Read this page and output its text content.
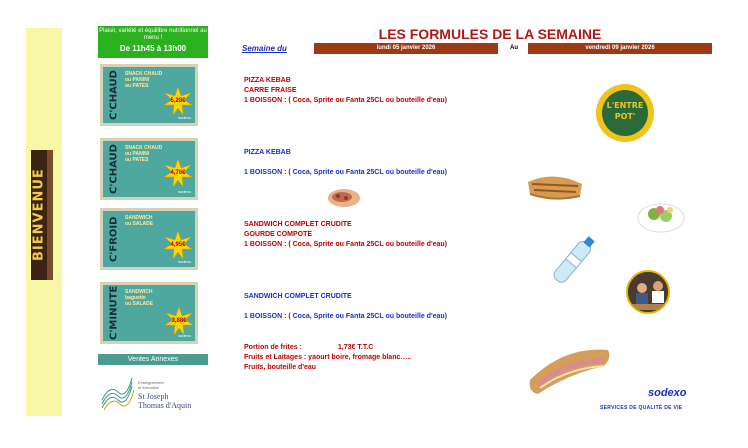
BIENVENUE
Plaisir, variété et équilibre nutritionnel au menu !
De 11h45 à 13h00
C'CHAUD	SNACK CHAUD
ou PANINI
ou PATES
5,28€
sodexo
C'CHAUD	SNACK CHAUD
ou PANINI
ou PATES
4,76€
sodexo
C'FROID	SANDWICH
ou SALADE
4,95€
sodexo
C'MINUTE	SANDWICH
baguette
ou SALADE
3,88€
sodexo
Ventes Annexes
Enseignement
et formation
St Joseph
Thomas d'Aquin
LES FORMULES DE LA SEMAINE
Semaine du	lundi 05 janvier 2026	Au	vendredi 09 janvier 2026
PIZZA KEBAB
CARRE FRAISE
1 BOISSON : ( Coca, Sprite ou Fanta 25CL ou bouteille d'eau)
PIZZA KEBAB
1 BOISSON : ( Coca, Sprite ou Fanta 25CL ou bouteille d'eau)
SANDWICH COMPLET CRUDITE
GOURDE COMPOTE
1 BOISSON : ( Coca, Sprite ou Fanta 25CL ou bouteille d'eau)
SANDWICH COMPLET CRUDITE
1 BOISSON : ( Coca, Sprite ou Fanta 25CL ou bouteille d'eau)
Portion de frites :	1,73€ T.T.C
Fruits et Laitages : yaourt boire, fromage blanc…..
Fruits, bouteille d'eau
L'ENTRE
POT'
sodexo
SERVICES DE QUALITÉ DE VIE
